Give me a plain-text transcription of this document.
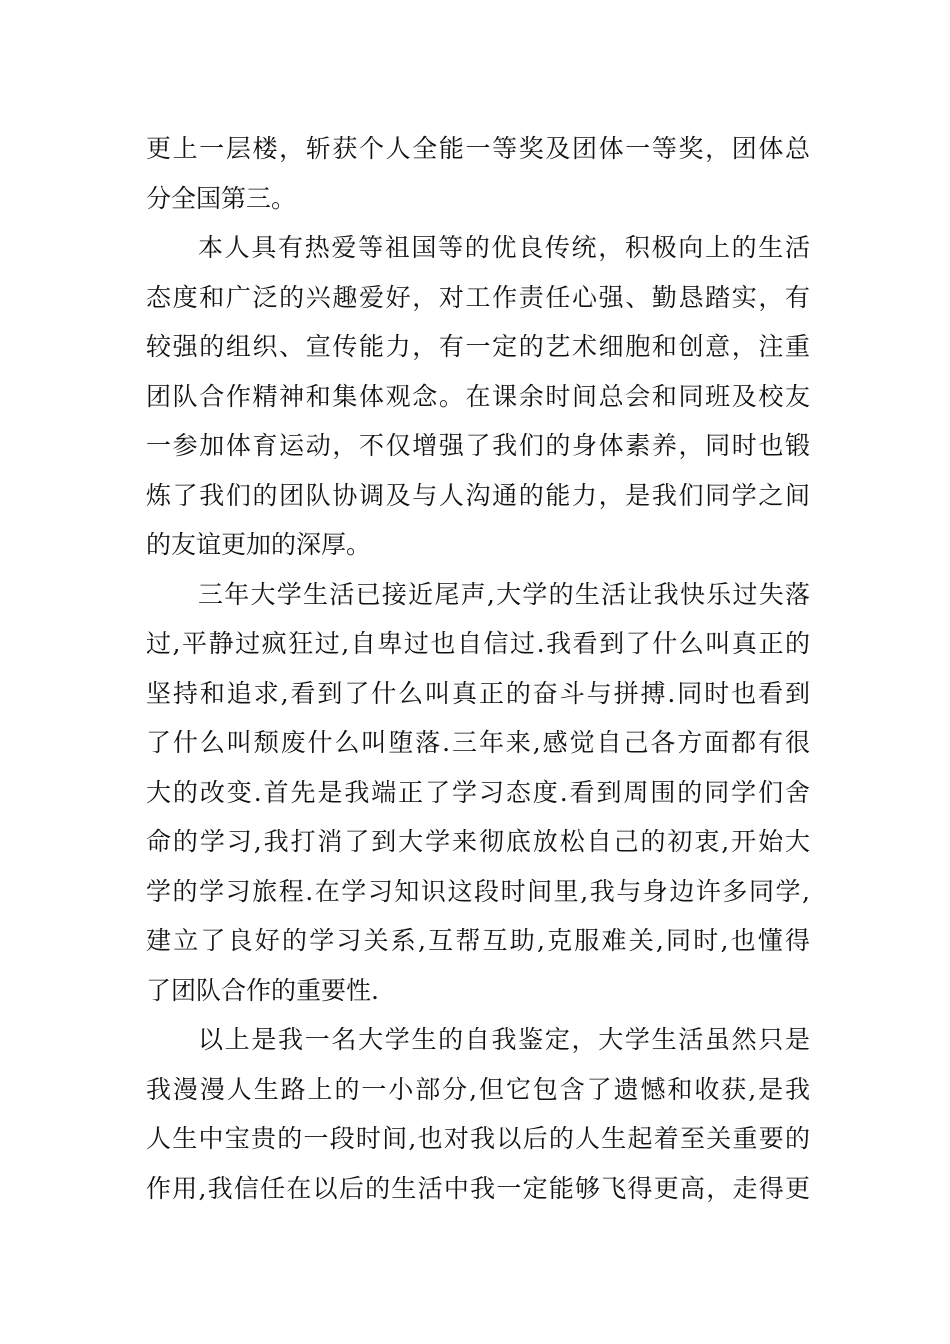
更上一层楼，斩获个人全能一等奖及团体一等奖，团体总
分全国第三。
本人具有热爱等祖国等的优良传统，积极向上的生活
态度和广泛的兴趣爱好，对工作责任心强、勤恳踏实，有
较强的组织、宣传能力，有一定的艺术细胞和创意，注重
团队合作精神和集体观念。在课余时间总会和同班及校友
一参加体育运动，不仅增强了我们的身体素养，同时也锻
炼了我们的团队协调及与人沟通的能力，是我们同学之间
的友谊更加的深厚。
三年大学生活已接近尾声,大学的生活让我快乐过失落
过,平静过疯狂过,自卑过也自信过.我看到了什么叫真正的
坚持和追求,看到了什么叫真正的奋斗与拼搏.同时也看到
了什么叫颓废什么叫堕落.三年来,感觉自己各方面都有很
大的改变.首先是我端正了学习态度.看到周围的同学们舍
命的学习,我打消了到大学来彻底放松自己的初衷,开始大
学的学习旅程.在学习知识这段时间里,我与身边许多同学,
建立了良好的学习关系,互帮互助,克服难关,同时,也懂得
了团队合作的重要性.
以上是我一名大学生的自我鉴定，大学生活虽然只是
我漫漫人生路上的一小部分,但它包含了遗憾和收获,是我
人生中宝贵的一段时间,也对我以后的人生起着至关重要的
作用,我信任在以后的生活中我一定能够飞得更高，走得更
